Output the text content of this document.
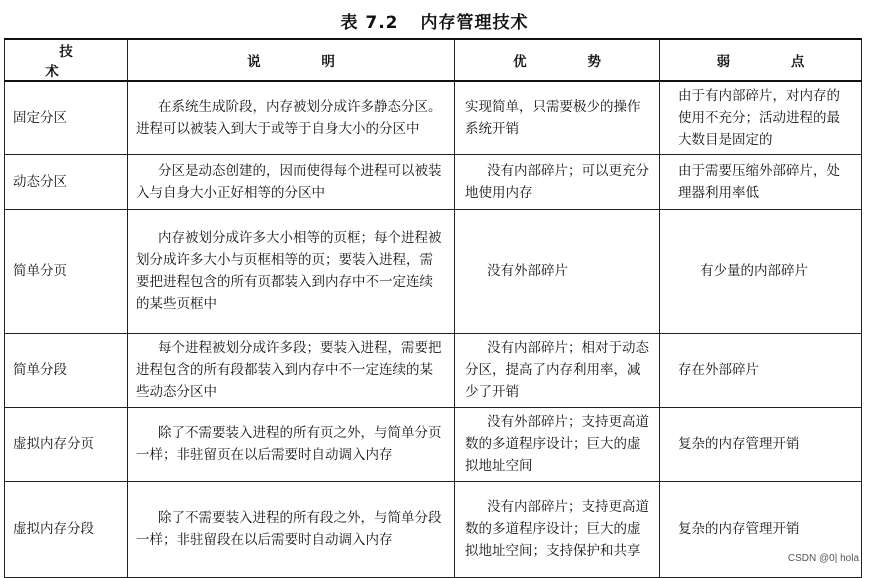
表 7.2 内存管理技术
技 术	说 明	优 势	弱 点
固定分区	在系统生成阶段，内存被划分成许多静态分区。进程可以被装入到大于或等于自身大小的分区中	实现简单，只需要极少的操作系统开销	由于有内部碎片，对内存的使用不充分；活动进程的最大数目是固定的
动态分区	分区是动态创建的，因而使得每个进程可以被装入与自身大小正好相等的分区中	没有内部碎片；可以更充分地使用内存	由于需要压缩外部碎片，处理器利用率低
简单分页	内存被划分成许多大小相等的页框；每个进程被划分成许多大小与页框相等的页；要装入进程，需要把进程包含的所有页都装入到内存中不一定连续的某些页框中	没有外部碎片	有少量的内部碎片
简单分段	每个进程被划分成许多段；要装入进程，需要把进程包含的所有段都装入到内存中不一定连续的某些动态分区中	没有内部碎片；相对于动态分区，提高了内存利用率，减少了开销	存在外部碎片
虚拟内存分页	除了不需要装入进程的所有页之外，与简单分页一样；非驻留页在以后需要时自动调入内存	没有外部碎片；支持更高道数的多道程序设计；巨大的虚拟地址空间	复杂的内存管理开销
虚拟内存分段	除了不需要装入进程的所有段之外，与简单分段一样；非驻留段在以后需要时自动调入内存	没有内部碎片；支持更高道数的多道程序设计；巨大的虚拟地址空间；支持保护和共享	复杂的内存管理开销
CSDN @0| hola
